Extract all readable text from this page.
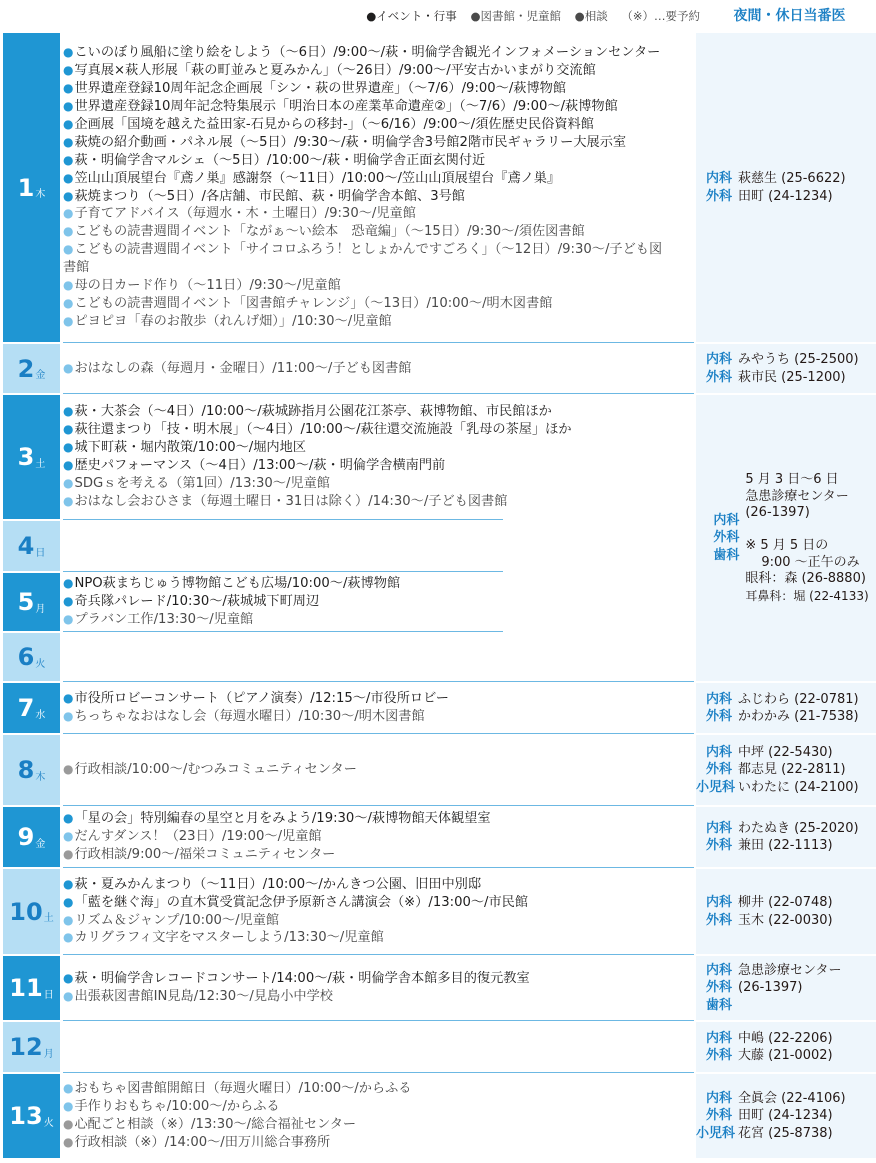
●イベント・行事 ●図書館・児童館 ●相談 （※）…要予約	夜間・休日当番医
1 木
●こいのぼり風船に塗り絵をしよう（～6日）/9:00～/萩・明倫学舎観光インフォメーションセンター
●写真展×萩人形展「萩の町並みと夏みかん」（～26日）/9:00～/平安古かいまがり交流館
●世界遺産登録10周年記念企画展「シン・萩の世界遺産」（～7/6）/9:00～/萩博物館
●世界遺産登録10周年記念特集展示「明治日本の産業革命遺産②」（～7/6）/9:00～/萩博物館
●企画展「国境を越えた益田家-石見からの移封-」（～6/16）/9:00～/須佐歴史民俗資料館
●萩焼の紹介動画・パネル展（～5日）/9:30～/萩・明倫学舎3号館2階市民ギャラリー大展示室
●萩・明倫学舎マルシェ（～5日）/10:00～/萩・明倫学舎正面玄関付近
●笠山山頂展望台『鳶ノ巣』感謝祭（～11日）/10:00～/笠山山頂展望台『鳶ノ巣』
●萩焼まつり（～5日）/各店舗、市民館、萩・明倫学舎本館、3号館
●子育てアドバイス（毎週水・木・土曜日）/9:30～/児童館
●こどもの読書週間イベント「ながぁ～い絵本　恐竜編」（～15日）/9:30～/須佐図書館
●こどもの読書週間イベント「サイコロふろう！としょかんですごろく」（～12日）/9:30～/子ども図書館
●母の日カード作り（～11日）/9:30～/児童館
●こどもの読書週間イベント「図書館チャレンジ」（～13日）/10:00～/明木図書館
●ピヨピヨ「春のお散歩（れんげ畑）」/10:30～/児童館
2 金
●おはなしの森（毎週月・金曜日）/11:00～/子ども図書館
3 土
●萩・大茶会（～4日）/10:00～/萩城跡指月公園花江茶亭、萩博物館、市民館ほか
●萩往還まつり「技・明木展」（～4日）/10:00～/萩往還交流施設「乳母の茶屋」ほか
●城下町萩・堀内散策/10:00～/堀内地区
●歴史パフォーマンス（～4日）/13:00～/萩・明倫学舎横南門前
●SDGｓを考える（第1回）/13:30～/児童館
●おはなし会おひさま（毎週土曜日・31日は除く）/14:30～/子ども図書館
4 日
5 月
●NPO萩まちじゅう博物館こども広場/10:00～/萩博物館
●奇兵隊パレード/10:30～/萩城城下町周辺
●プラバン工作/13:30～/児童館
6 火
7 水
●市役所ロビーコンサート（ピアノ演奏）/12:15～/市役所ロビー
●ちっちゃなおはなし会（毎週水曜日）/10:30～/明木図書館
8 木
●行政相談/10:00～/むつみコミュニティセンター
9 金
●「星の会」特別編春の星空と月をみよう/19:30～/萩博物館天体観望室
●だんすダンス！（23日）/19:00～/児童館
●行政相談/9:00～/福栄コミュニティセンター
10 土
●萩・夏みかんまつり（～11日）/10:00～/かんきつ公園、旧田中別邸
●「藍を継ぐ海」の直木賞受賞記念伊予原新さん講演会（※）/13:00～/市民館
●リズム＆ジャンプ/10:00～/児童館
●カリグラフィ文字をマスターしよう/13:30～/児童館
11 日
●萩・明倫学舎レコードコンサート/14:00～/萩・明倫学舎本館多目的復元教室
●出張萩図書館IN見島/12:30～/見島小中学校
12 月
13 火
●おもちゃ図書館開館日（毎週火曜日）/10:00～/からふる
●手作りおもちゃ/10:00～/からふる
●心配ごと相談（※）/13:30～/総合福祉センター
●行政相談（※）/14:00～/田万川総合事務所
内科 萩慈生 (25-6622)
外科 田町 (24-1234)
内科 みやうち (25-2500)
外科 萩市民 (25-1200)
内科
外科
歯科
5 月 3 日～6 日
急患診療センター
(26-1397)

※ 5 月 5 日の
9:00 ～正午のみ
眼科：森 (26-8880)
耳鼻科：堀 (22-4133)
内科 ふじわら (22-0781)
外科 かわかみ (21-7538)
内科 中坪 (22-5430)
外科 都志見 (22-2811)
小児科 いわたに (24-2100)
内科 わたぬき (25-2020)
外科 兼田 (22-1113)
内科 柳井 (22-0748)
外科 玉木 (22-0030)
内科 急患診療センター
外科 (26-1397)
歯科
内科 中嶋 (22-2206)
外科 大藤 (21-0002)
内科 全眞会 (22-4106)
外科 田町 (24-1234)
小児科 花宮 (25-8738)
